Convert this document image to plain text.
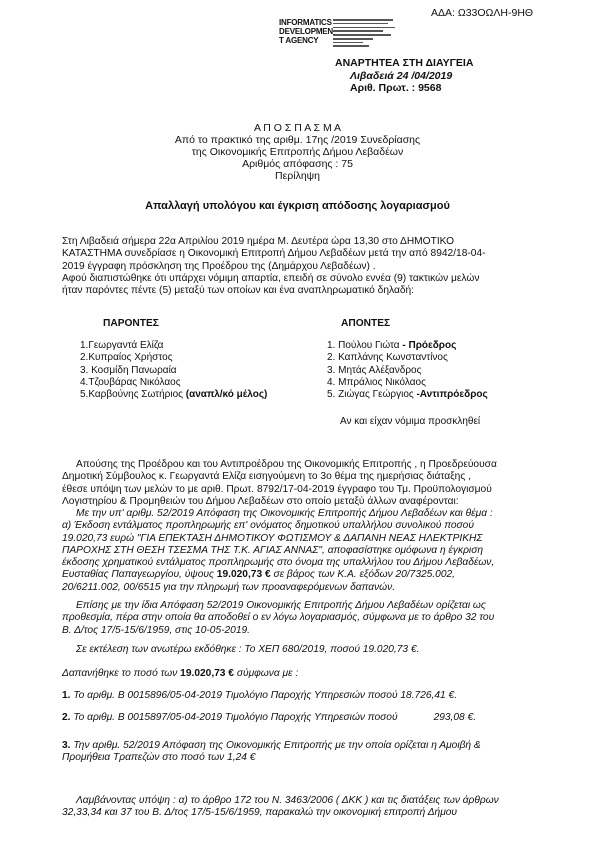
ΑΔΑ: Ω33ΟΩΛΗ-9ΗΘ
INFORMATICS
DEVELOPMEN
T AGENCY
ΑΝΑΡΤΗΤΕΑ ΣΤΗ ΔΙΑΥΓΕΙΑ
Λιβαδειά 24 /04/2019
Αριθ. Πρωτ. : 9568
Α Π Ο Σ Π Α Σ Μ Α
Από το πρακτικό της αριθμ. 17ης /2019 Συνεδρίασης
της Οικονομικής Επιτροπής Δήμου Λεβαδέων
Αριθμός απόφασης : 75
Περίληψη
Απαλλαγή υπολόγου και έγκριση απόδοσης λογαριασμού
Στη Λιβαδειά σήμερα 22α Απριλίου 2019 ημέρα Μ. Δευτέρα ώρα 13,30 στο ΔΗΜΟΤΙΚΟ
ΚΑΤΑΣΤΗΜΑ συνεδρίασε η Οικονομική Επιτροπή Δήμου Λεβαδέων μετά την από 8942/18-04-
2019 έγγραφη πρόσκληση της Προέδρου της (Δημάρχου Λεβαδέων) .
Αφού διαπιστώθηκε ότι υπάρχει νόμιμη απαρτία, επειδή σε σύνολο εννέα (9) τακτικών μελών
ήταν παρόντες πέντε (5) μεταξύ των οποίων και ένα αναπληρωματικό δηλαδή:
ΠΑΡΟΝΤΕΣ	ΑΠΟΝΤΕΣ
1.Γεωργαντά Ελίζα
2.Κυπραίος Χρήστος
3. Κοσμίδη Πανωραία
4.Τζουβάρας Νικόλαος
5.Καρβούνης Σωτήριος (αναπλ/κό μέλος)
1. Πούλου Γιώτα - Πρόεδρος
2. Καπλάνης Κωνσταντίνος
3. Μητάς Αλέξανδρος
4. Μπράλιος Νικόλαος
5. Ζιώγας Γεώργιος -Αντιπρόεδρος
Αν και είχαν νόμιμα προσκληθεί
Απούσης της Προέδρου και του Αντιπροέδρου της Οικονομικής Επιτροπής , η Προεδρεύουσα
Δημοτική Σύμβουλος κ. Γεωργαντά Ελίζα εισηγούμενη το 3ο θέμα της ημερήσιας διάταξης ,
έθεσε υπόψη των μελών το με αριθ. Πρωτ. 8792/17-04-2019 έγγραφο του Τμ. Προϋπολογισμού
Λογιστηρίου & Προμηθειών του Δήμου Λεβαδέων στο οποίο μεταξύ άλλων αναφέρονται:
Με την υπ' αριθμ. 52/2019 Απόφαση της Οικονομικής Επιτροπής Δήμου Λεβαδέων και θέμα :
α) Έκδοση εντάλματος προπληρωμής επ' ονόματος δημοτικού υπαλλήλου συνολικού ποσού
19.020,73 ευρώ "ΓΙΑ ΕΠΕΚΤΑΣΗ ΔΗΜΟΤΙΚΟΥ ΦΩΤΙΣΜΟΥ & ΔΑΠΑΝΗ ΝΕΑΣ ΗΛΕΚΤΡΙΚΗΣ
ΠΑΡΟΧΗΣ ΣΤΗ ΘΕΣΗ ΤΣΕΣΜΑ ΤΗΣ Τ.Κ. ΑΓΙΑΣ ΑΝΝΑΣ", αποφασίστηκε ομόφωνα η έγκριση
έκδοσης χρηματικού εντάλματος προπληρωμής στο όνομα της υπαλλήλου του Δήμου Λεβαδέων,
Ευσταθίας Παπαγεωργίου, ύψους 19.020,73 € σε βάρος των Κ.Α. εξόδων 20/7325.002,
20/6211.002, 00/6515 για την πληρωμή των προαναφερόμενων δαπανών.
Επίσης με την ίδια Απόφαση 52/2019 Οικονομικής Επιτροπής Δήμου Λεβαδέων ορίζεται ως
προθεσμία, πέρα στην οποία θα αποδοθεί ο εν λόγω λογαριασμός, σύμφωνα με το άρθρο 32 του
Β. Δ/τος 17/5-15/6/1959, στις 10-05-2019.
Σε εκτέλεση των ανωτέρω εκδόθηκε : Το ΧΕΠ 680/2019, ποσού 19.020,73 €.
Δαπανήθηκε το ποσό των 19.020,73 € σύμφωνα με :
1. Το αριθμ. Β 0015896/05-04-2019 Τιμολόγιο Παροχής Υπηρεσιών ποσού 18.726,41 €.
2. Το αριθμ. Β 0015897/05-04-2019 Τιμολόγιο Παροχής Υπηρεσιών ποσού	293,08 €.
3. Την αριθμ. 52/2019 Απόφαση της Οικονομικής Επιτροπής με την οποία ορίζεται η Αμοιβή &
Προμήθεια Τραπεζών στο ποσό των 1,24 €
Λαμβάνοντας υπόψη : α) το άρθρο 172 του Ν. 3463/2006 ( ΔΚΚ ) και τις διατάξεις των άρθρων
32,33,34 και 37 του Β. Δ/τος 17/5-15/6/1959, παρακαλώ την οικονομική επιτροπή Δήμου
